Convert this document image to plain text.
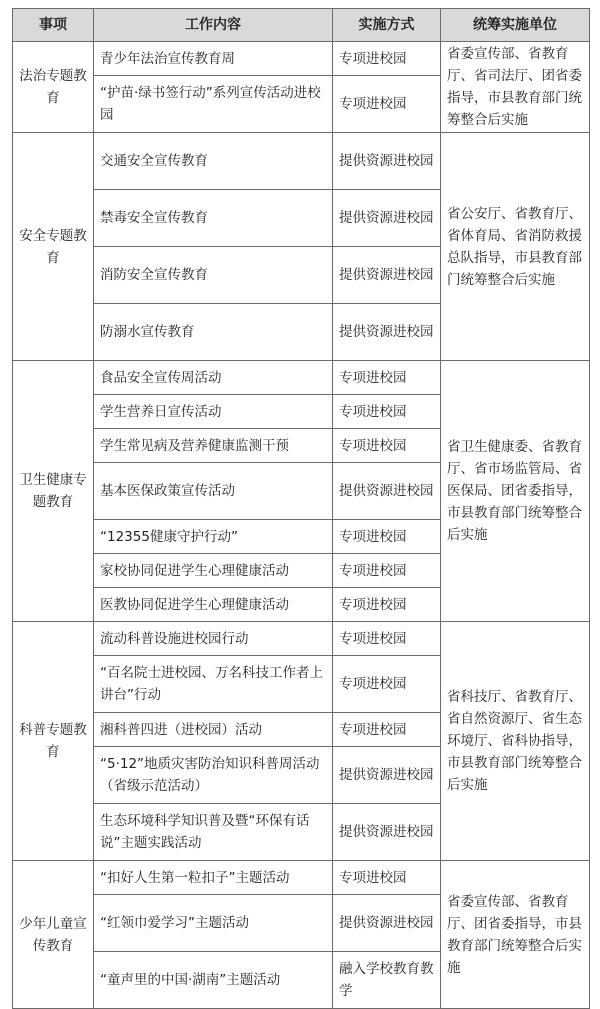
事项	工作内容	实施方式	统筹实施单位
法治专题教育	青少年法治宣传教育周	专项进校园	省委宣传部、省教育厅、省司法厅、团省委指导，市县教育部门统筹整合后实施
	“护苗·绿书签行动”系列宣传活动进校园	专项进校园	
安全专题教育	交通安全宣传教育	提供资源进校园	省公安厅、省教育厅、省体育局、省消防救援总队指导，市县教育部门统筹整合后实施
	禁毒安全宣传教育	提供资源进校园	
	消防安全宣传教育	提供资源进校园	
	防溺水宣传教育	提供资源进校园	
卫生健康专题教育	食品安全宣传周活动	专项进校园	省卫生健康委、省教育厅、省市场监管局、省医保局、团省委指导，市县教育部门统筹整合后实施
	学生营养日宣传活动	专项进校园	
	学生常见病及营养健康监测干预	专项进校园	
	基本医保政策宣传活动	提供资源进校园	
	“12355健康守护行动”	专项进校园	
	家校协同促进学生心理健康活动	专项进校园	
	医教协同促进学生心理健康活动	专项进校园	
科普专题教育	流动科普设施进校园行动	专项进校园	省科技厅、省教育厅、省自然资源厅、省生态环境厅、省科协指导，市县教育部门统筹整合后实施
	“百名院士进校园、万名科技工作者上讲台”行动	专项进校园	
	湘科普四进（进校园）活动	专项进校园	
	“5·12”地质灾害防治知识科普周活动（省级示范活动）	提供资源进校园	
	生态环境科学知识普及暨“环保有话说”主题实践活动	提供资源进校园	
少年儿童宣传教育	“扣好人生第一粒扣子”主题活动	专项进校园	省委宣传部、省教育厅、团省委指导，市县教育部门统筹整合后实施
	“红领巾爱学习”主题活动	提供资源进校园	
	“童声里的中国·湖南”主题活动	融入学校教育教学	
